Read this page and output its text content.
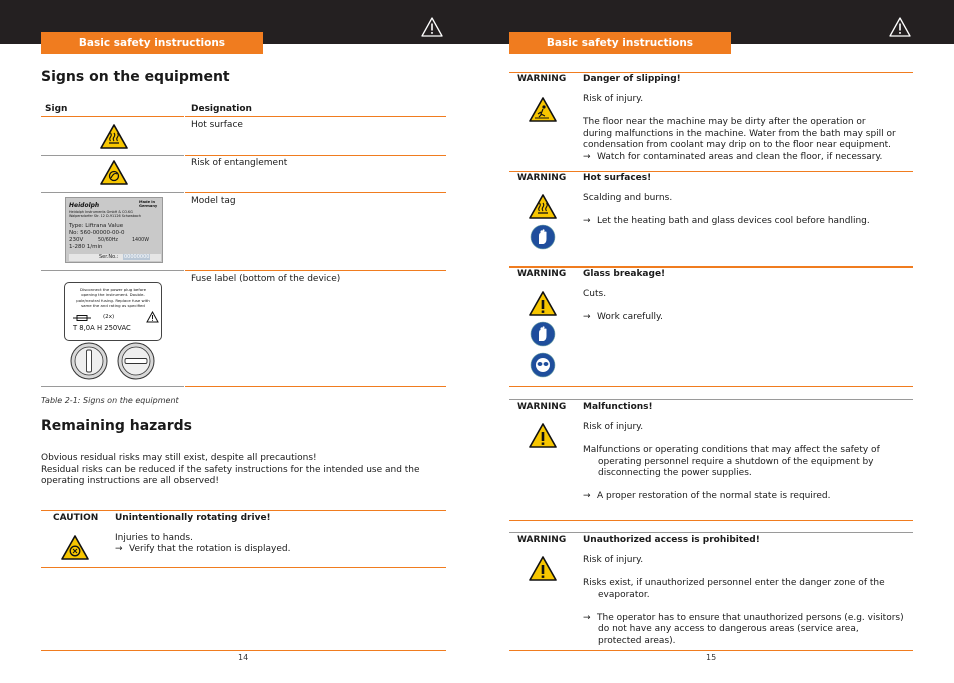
Basic safety instructions	Basic safety instructions
Signs on the equipment
Sign	Designation
Hot surface
Risk of entanglement
Heidolph	Made in Germany
Heidolph Instruments GmbH & CO.KG
Walpersdorfer Str. 12 D-91126 Schwabach
Type: Liftrana Value
No: 560-00000-00-0
230V	50/60Hz	1400W
1-280 1/min
Ser.No.: 00000000
Model tag
Disconnect the power plug before
opening the instrument. Double-
pole/neutral fusing. Replace fuse with
same the and rating as specified
(2x)
T 8,0A H 250VAC
Fuse label (bottom of the device)
Table 2-1: Signs on the equipment
Remaining hazards
Obvious residual risks may still exist, despite all precautions!
Residual risks can be reduced if the safety instructions for the intended use and the
operating instructions are all observed!
CAUTION Unintentionally rotating drive!
Injuries to hands.
→ Verify that the rotation is displayed.
14
WARNING Danger of slipping!
Risk of injury.
The floor near the machine may be dirty after the operation or
during malfunctions in the machine. Water from the bath may spill or
condensation from coolant may drip on to the floor near equipment.
→ Watch for contaminated areas and clean the floor, if necessary.
WARNING Hot surfaces!
Scalding and burns.
→ Let the heating bath and glass devices cool before handling.
WARNING Glass breakage!
Cuts.
→ Work carefully.
WARNING Malfunctions!
Risk of injury.
Malfunctions or operating conditions that may affect the safety of
operating personnel require a shutdown of the equipment by
disconnecting the power supplies.
→ A proper restoration of the normal state is required.
WARNING Unauthorized access is prohibited!
Risk of injury.
Risks exist, if unauthorized personnel enter the danger zone of the
evaporator.
→ The operator has to ensure that unauthorized persons (e.g. visitors)
do not have any access to dangerous areas (service area,
protected areas).
15
